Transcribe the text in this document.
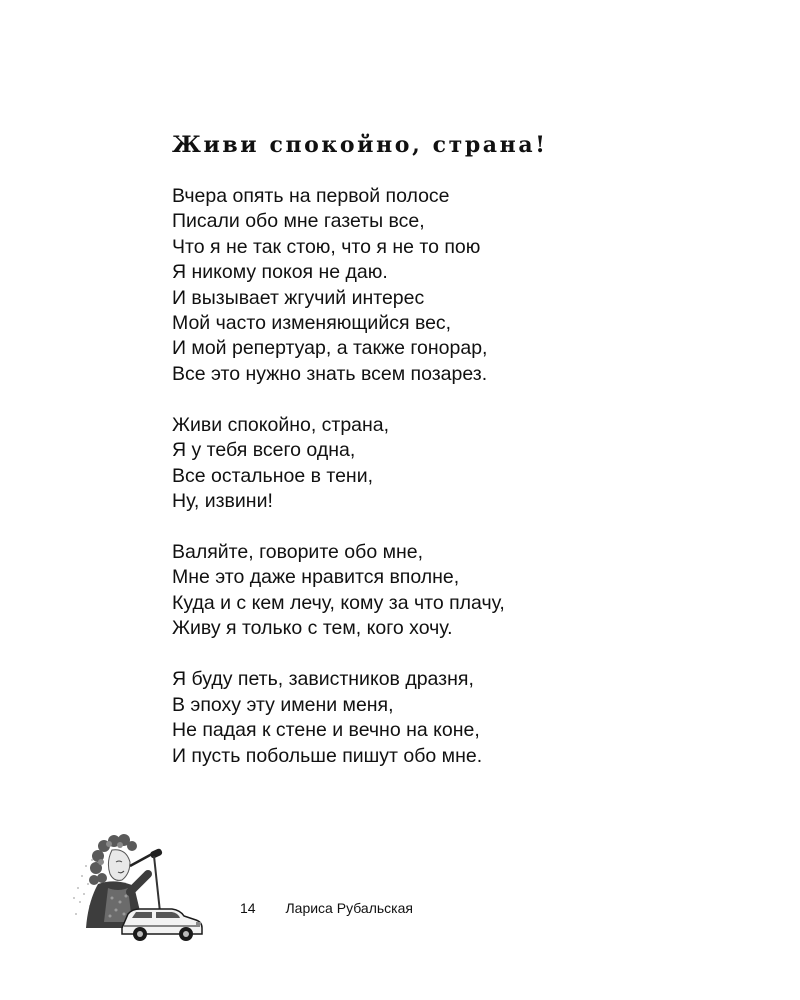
Живи спокойно, страна!

Вчера опять на первой полосе
Писали обо мне газеты все,
Что я не так стою, что я не то пою
Я никому покоя не даю.
И вызывает жгучий интерес
Мой часто изменяющийся вес,
И мой репертуар, а также гонорар,
Все это нужно знать всем позарез.

Живи спокойно, страна,
Я у тебя всего одна,
Все остальное в тени,
Ну, извини!

Валяйте, говорите обо мне,
Мне это даже нравится вполне,
Куда и с кем лечу, кому за что плачу,
Живу я только с тем, кого хочу.

Я буду петь, завистников дразня,
В эпоху эту имени меня,
Не падая к стене и вечно на коне,
И пусть побольше пишут обо мне.

14 Лариса Рубальская
